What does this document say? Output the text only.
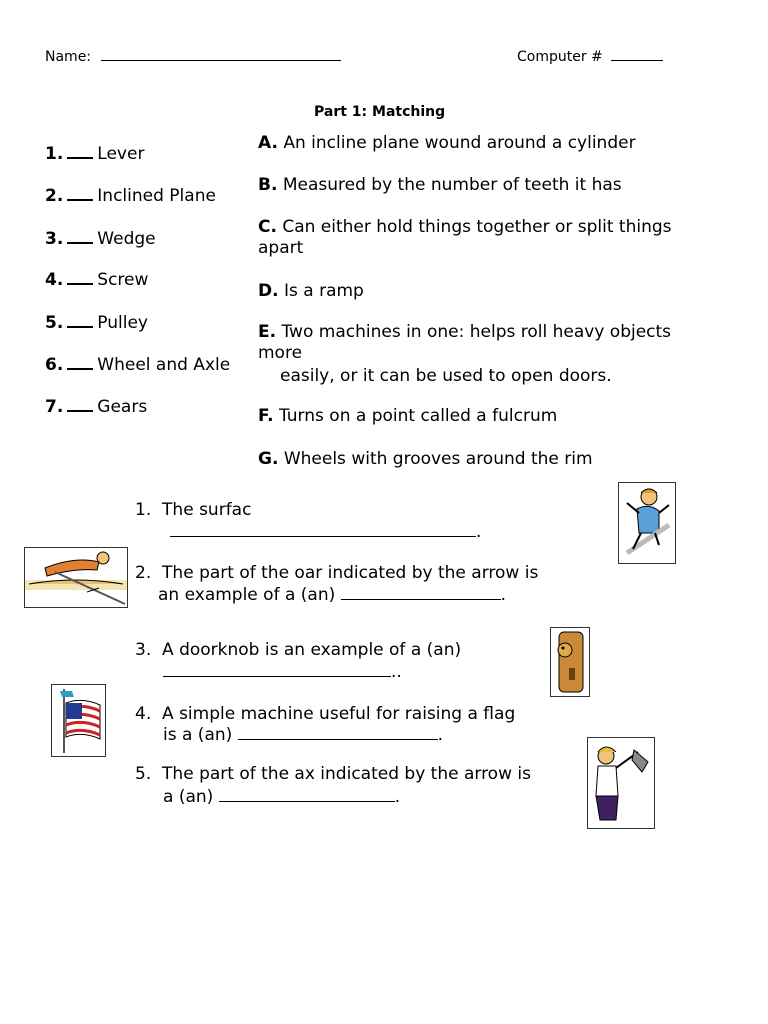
Name:	Computer #
Part 1: Matching
1. Lever
2. Inclined Plane
3. Wedge
4. Screw
5. Pulley
6. Wheel and Axle
7. Gears
A. An incline plane wound around a cylinder
B. Measured by the number of teeth it has
C. Can either hold things together or split things
apart
D. Is a ramp
E. Two machines in one: helps roll heavy objects
more
easily, or it can be used to open doors.
F. Turns on a point called a fulcrum
G. Wheels with grooves around the rim
1. The surfac
.
2. The part of the oar indicated by the arrow is
an example of a (an)	.
3. A doorknob is an example of a (an)
..
4. A simple machine useful for raising a flag
is a (an)	.
5. The part of the ax indicated by the arrow is
a (an)	.
